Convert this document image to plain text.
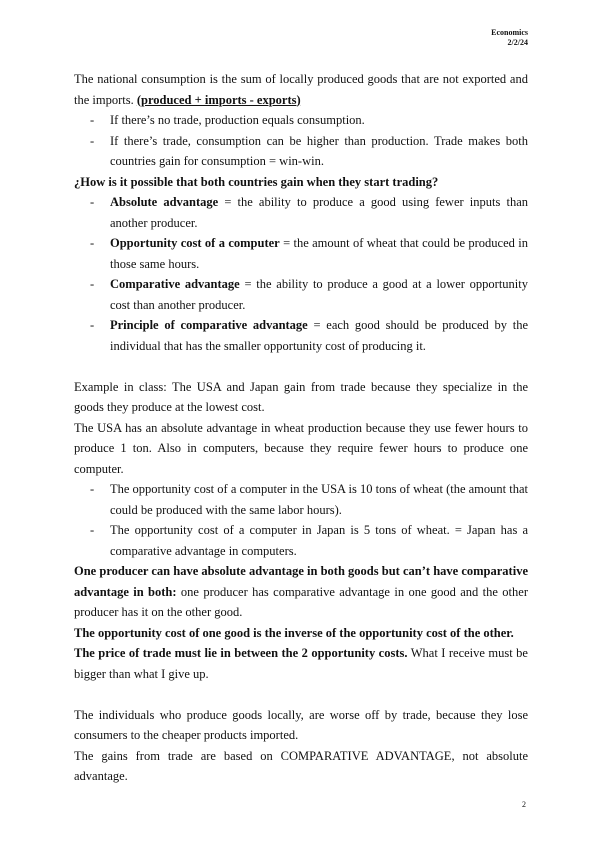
Economics
2/2/24

The national consumption is the sum of locally produced goods that are not exported and the imports. (produced + imports - exports)

- If there’s no trade, production equals consumption.
- If there’s trade, consumption can be higher than production. Trade makes both countries gain for consumption = win-win.

¿How is it possible that both countries gain when they start trading?

- Absolute advantage = the ability to produce a good using fewer inputs than another producer.
- Opportunity cost of a computer = the amount of wheat that could be produced in those same hours.
- Comparative advantage = the ability to produce a good at a lower opportunity cost than another producer.
- Principle of comparative advantage = each good should be produced by the individual that has the smaller opportunity cost of producing it.

Example in class: The USA and Japan gain from trade because they specialize in the goods they produce at the lowest cost.

The USA has an absolute advantage in wheat production because they use fewer hours to produce 1 ton. Also in computers, because they require fewer hours to produce one computer.

- The opportunity cost of a computer in the USA is 10 tons of wheat (the amount that could be produced with the same labor hours).
- The opportunity cost of a computer in Japan is 5 tons of wheat. = Japan has a comparative advantage in computers.

One producer can have absolute advantage in both goods but can’t have comparative advantage in both: one producer has comparative advantage in one good and the other producer has it on the other good.

The opportunity cost of one good is the inverse of the opportunity cost of the other.

The price of trade must lie in between the 2 opportunity costs. What I receive must be bigger than what I give up.

The individuals who produce goods locally, are worse off by trade, because they lose consumers to the cheaper products imported.

The gains from trade are based on COMPARATIVE ADVANTAGE, not absolute advantage.

2
